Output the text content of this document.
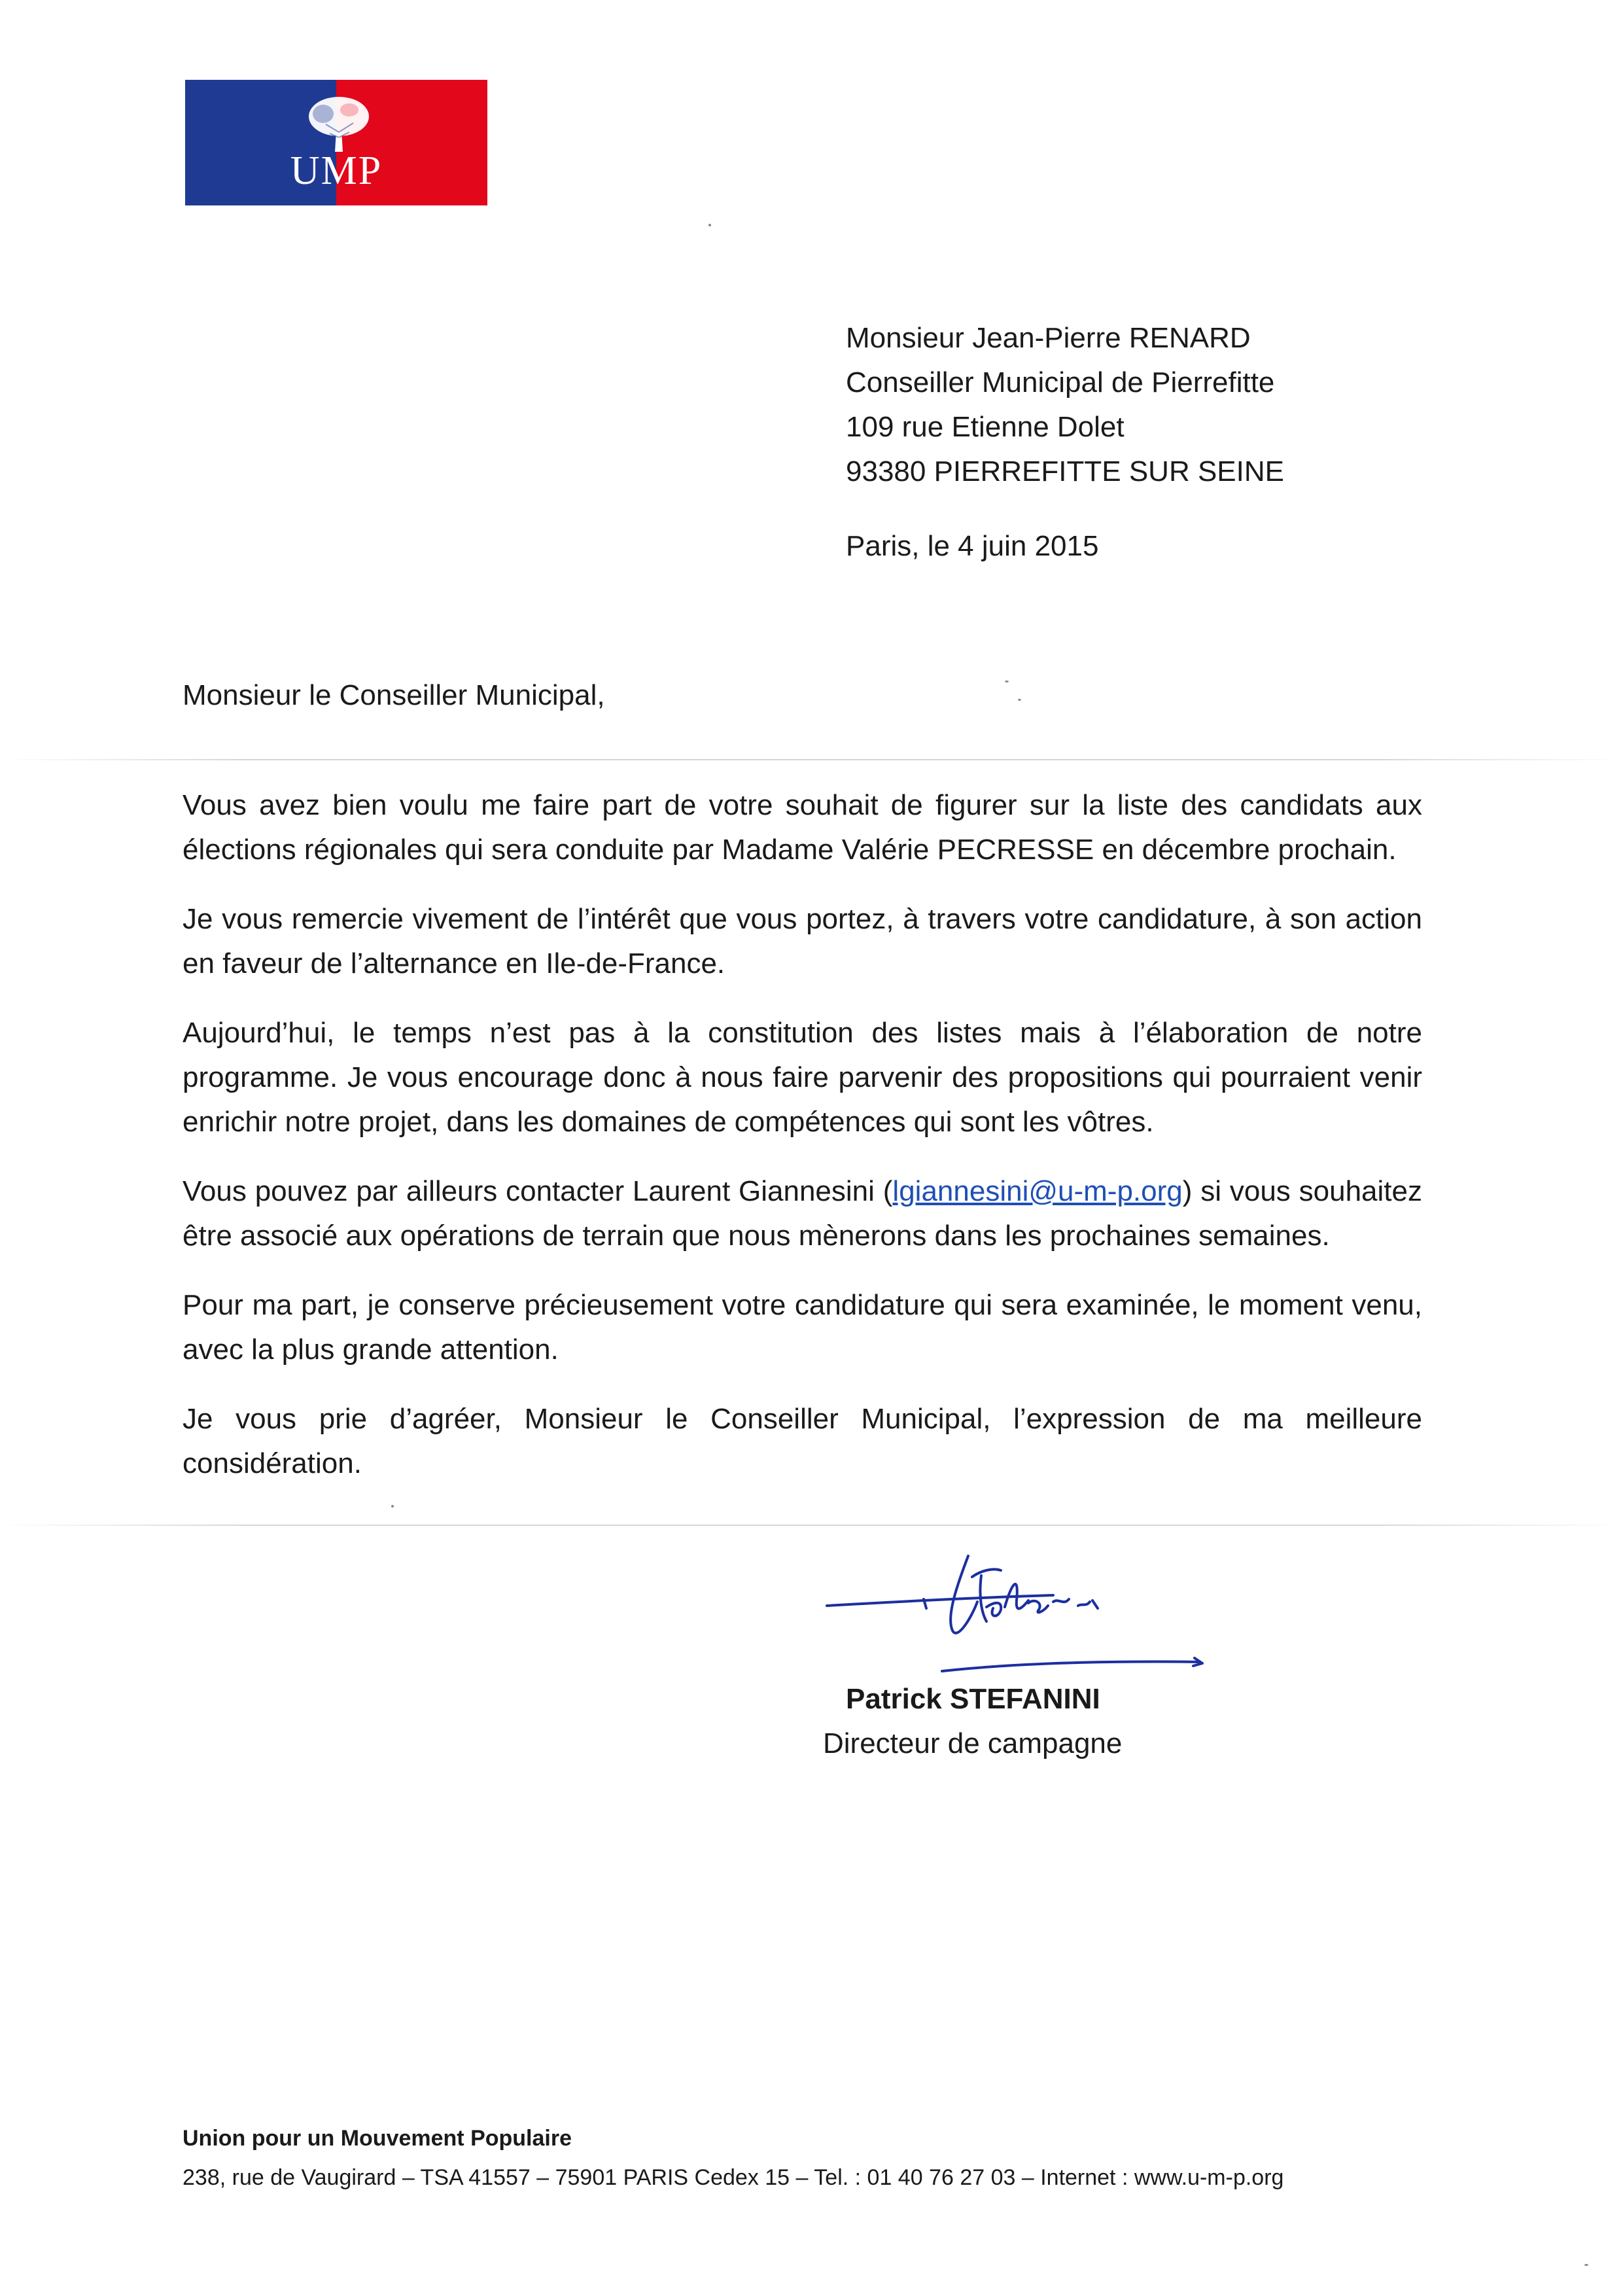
UMP
Monsieur Jean-Pierre RENARD
Conseiller Municipal de Pierrefitte
109 rue Etienne Dolet
93380 PIERREFITTE SUR SEINE
Paris, le 4 juin 2015
Monsieur le Conseiller Municipal,

Vous avez bien voulu me faire part de votre souhait de figurer sur la liste des candidats aux élections régionales qui sera conduite par Madame Valérie PECRESSE en décembre prochain.

Je vous remercie vivement de l’intérêt que vous portez, à travers votre candidature, à son action en faveur de l’alternance en Ile-de-France.

Aujourd’hui, le temps n’est pas à la constitution des listes mais à l’élaboration de notre programme. Je vous encourage donc à nous faire parvenir des propositions qui pourraient venir enrichir notre projet, dans les domaines de compétences qui sont les vôtres.

Vous pouvez par ailleurs contacter Laurent Giannesini (lgiannesini@u-m-p.org) si vous souhaitez être associé aux opérations de terrain que nous mènerons dans les prochaines semaines.

Pour ma part, je conserve précieusement votre candidature qui sera examinée, le moment venu, avec la plus grande attention.

Je vous prie d’agréer, Monsieur le Conseiller Municipal, l’expression de ma meilleure considération.

Patrick STEFANINI
Directeur de campagne
Union pour un Mouvement Populaire
238, rue de Vaugirard – TSA 41557 – 75901 PARIS Cedex 15 – Tel. : 01 40 76 27 03 – Internet : www.u-m-p.org
